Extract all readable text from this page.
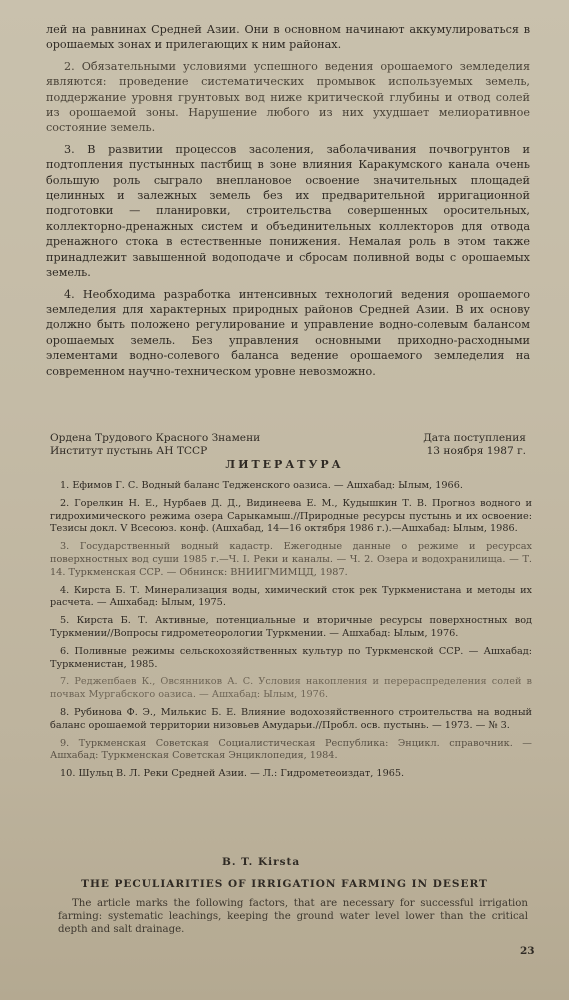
лей на равнинах Средней Азии. Они в основном начинают аккумулироваться в орошаемых зонах и прилегающих к ним районах.

2. Обязательными условиями успешного ведения орошаемого земледелия являются: проведение систематических промывок используемых земель, поддержание уровня грунтовых вод ниже критической глубины и отвод солей из орошаемой зоны. Нарушение любого из них ухудшает мелиоративное состояние земель.

3. В развитии процессов засоления, заболачивания почвогрунтов и подтопления пустынных пастбищ в зоне влияния Каракумского канала очень большую роль сыграло внеплановое освоение значительных площадей целинных и залежных земель без их предварительной ирригационной подготовки — планировки, строительства совершенных оросительных, коллекторно-дренажных систем и объединительных коллекторов для отвода дренажного стока в естественные понижения. Немалая роль в этом также принадлежит завышенной водоподаче и сбросам поливной воды с орошаемых земель.

4. Необходима разработка интенсивных технологий ведения орошаемого земледелия для характерных природных районов Средней Азии. В их основу должно быть положено регулирование и управление водно-солевым балансом орошаемых земель. Без управления основными приходно-расходными элементами водно-солевого баланса ведение орошаемого земледелия на современном научно-техническом уровне невозможно.

Ордена Трудового Красного Знамени
Институт пустынь АН ТССР
Дата поступления
13 ноября 1987 г.
ЛИТЕРАТУРА

1. Ефимов Г. С. Водный баланс Тедженского оазиса. — Ашхабад: Ылым, 1966.

2. Горелкин Н. Е., Нурбаев Д. Д., Видинеева Е. М., Кудышкин Т. В. Прогноз водного и гидрохимического режима озера Сарыкамыш.//Природные ресурсы пустынь и их освоение: Тезисы докл. V Всесоюз. конф. (Ашхабад, 14—16 октября 1986 г.).—Ашхабад: Ылым, 1986.

3. Государственный водный кадастр. Ежегодные данные о режиме и ресурсах поверхностных вод суши 1985 г.—Ч. I. Реки и каналы. — Ч. 2. Озера и водохранилища. — Т. 14. Туркменская ССР. — Обнинск: ВНИИГМИМЦД, 1987.

4. Кирста Б. Т. Минерализация воды, химический сток рек Туркменистана и методы их расчета. — Ашхабад: Ылым, 1975.

5. Кирста Б. Т. Активные, потенциальные и вторичные ресурсы поверхностных вод Туркмении//Вопросы гидрометеорологии Туркмении. — Ашхабад: Ылым, 1976.

6. Поливные режимы сельскохозяйственных культур по Туркменской ССР. — Ашхабад: Туркменистан, 1985.

7. Реджепбаев К., Овсянников А. С. Условия накопления и перераспределения солей в почвах Мургабского оазиса. — Ашхабад: Ылым, 1976.

8. Рубинова Ф. Э., Милькис Б. Е. Влияние водохозяйственного строительства на водный баланс орошаемой территории низовьев Амударьи.//Пробл. осв. пустынь. — 1973. — № 3.

9. Туркменская Советская Социалистическая Республика: Энцикл. справочник. — Ашхабад: Туркменская Советская Энциклопедия, 1984.

10. Шульц В. Л. Реки Средней Азии. — Л.: Гидрометеоиздат, 1965.

B. T. Kirsta
THE PECULIARITIES OF IRRIGATION FARMING IN DESERT

The article marks the following factors, that are necessary for successful irrigation farming: systematic leachings, keeping the ground water level lower than the critical depth and salt drainage.

23
